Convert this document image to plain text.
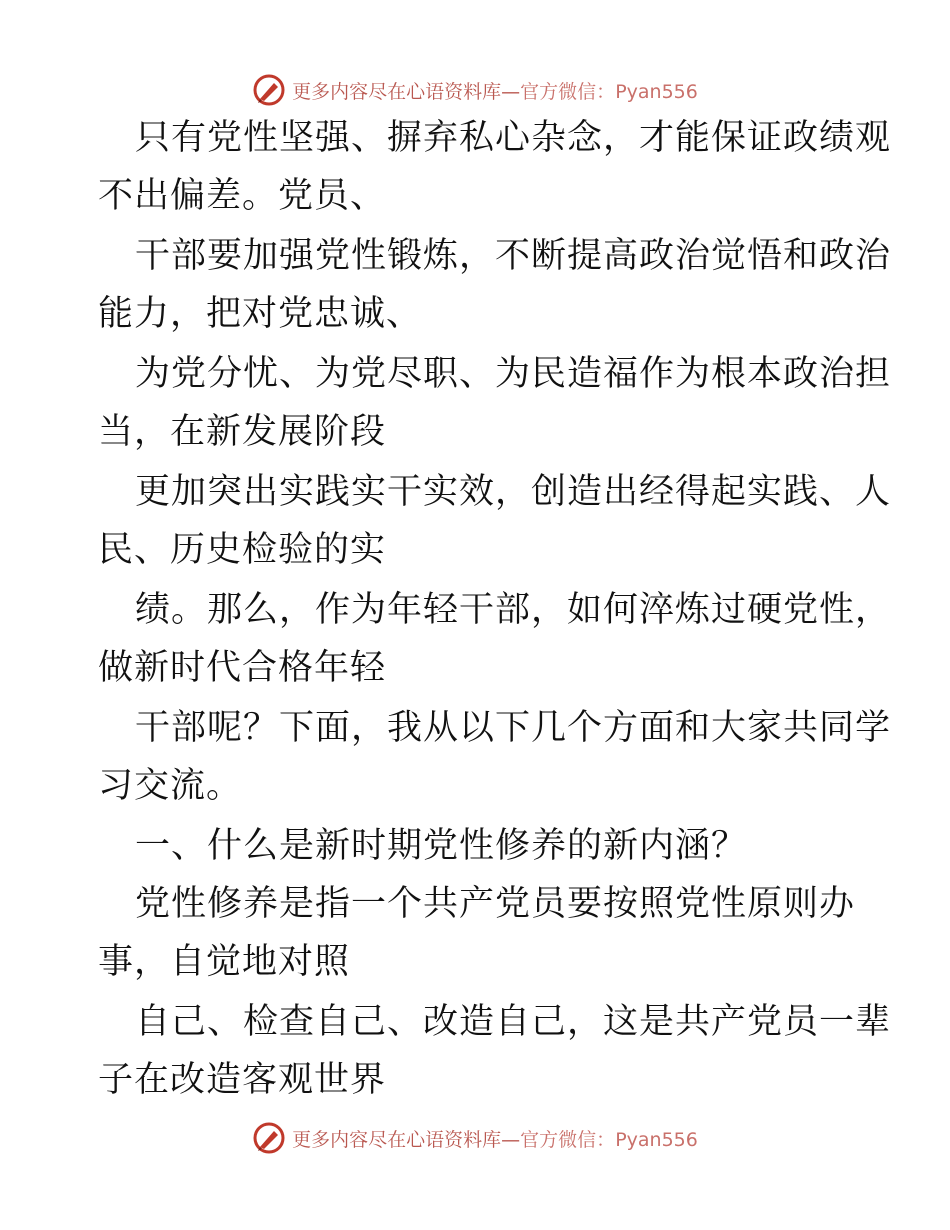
更多内容尽在心语资料库—官方微信：Pyan556
只有党性坚强、摒弃私心杂念，才能保证政绩观
不出偏差。党员、
干部要加强党性锻炼，不断提高政治觉悟和政治
能力，把对党忠诚、
为党分忧、为党尽职、为民造福作为根本政治担
当，在新发展阶段
更加突出实践实干实效，创造出经得起实践、人
民、历史检验的实
绩。那么，作为年轻干部，如何淬炼过硬党性，
做新时代合格年轻
干部呢？下面，我从以下几个方面和大家共同学
习交流。
一、什么是新时期党性修养的新内涵？
党性修养是指一个共产党员要按照党性原则办
事，自觉地对照
自己、检查自己、改造自己，这是共产党员一辈
子在改造客观世界
更多内容尽在心语资料库—官方微信：Pyan556
